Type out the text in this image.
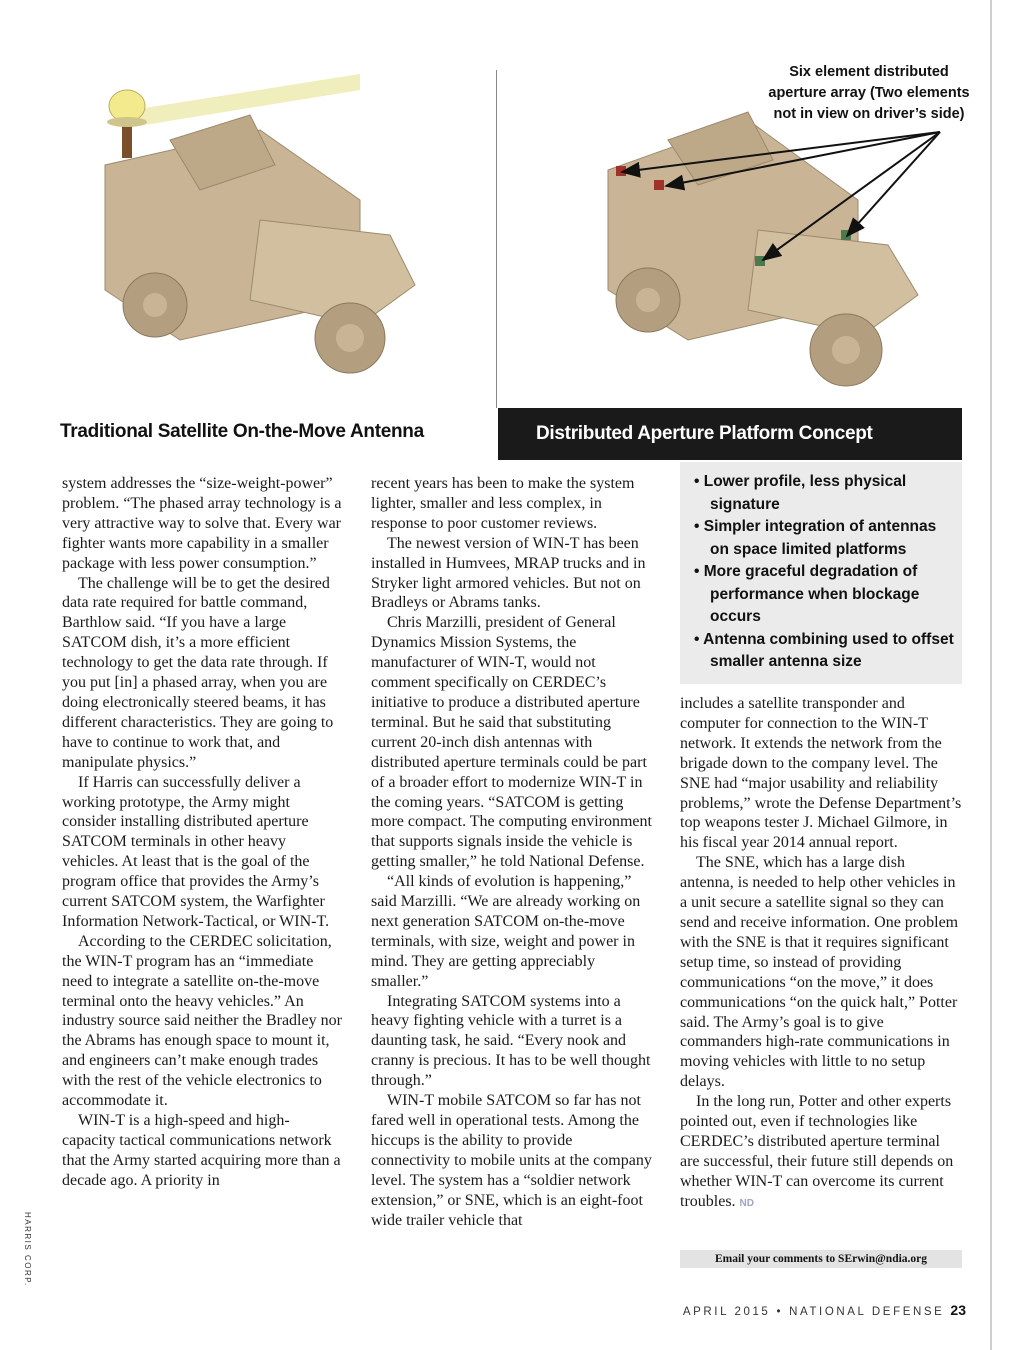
Six element distributed
aperture array (Two elements
not in view on driver’s side)
Traditional Satellite On-the-Move Antenna	Distributed Aperture Platform Concept

• Lower profile, less physical signature

• Simpler integration of antennas on space limited platforms

• More graceful degradation of performance when blockage occurs

• Antenna combining used to offset smaller antenna size

system addresses the “size-weight-power” problem. “The phased array technology is a very attractive way to solve that. Every war fighter wants more capability in a smaller package with less power consumption.”

The challenge will be to get the desired data rate required for battle command, Barthlow said. “If you have a large SATCOM dish, it’s a more efficient technology to get the data rate through. If you put [in] a phased array, when you are doing electronically steered beams, it has different characteristics. They are going to have to continue to work that, and manipulate physics.”

If Harris can successfully deliver a working prototype, the Army might consider installing distributed aperture SATCOM terminals in other heavy vehicles. At least that is the goal of the program office that provides the Army’s current SATCOM system, the Warfighter Information Network-Tactical, or WIN-T.

According to the CERDEC solicitation, the WIN-T program has an “immediate need to integrate a satellite on-the-move terminal onto the heavy vehicles.” An industry source said neither the Bradley nor the Abrams has enough space to mount it, and engineers can’t make enough trades with the rest of the vehicle electronics to accommodate it.

WIN-T is a high-speed and high-capacity tactical communications network that the Army started acquiring more than a decade ago. A priority in

recent years has been to make the system lighter, smaller and less complex, in response to poor customer reviews.

The newest version of WIN-T has been installed in Humvees, MRAP trucks and in Stryker light armored vehicles. But not on Bradleys or Abrams tanks.

Chris Marzilli, president of General Dynamics Mission Systems, the manufacturer of WIN-T, would not comment specifically on CERDEC’s initiative to produce a distributed aperture terminal. But he said that substituting current 20-inch dish antennas with distributed aperture terminals could be part of a broader effort to modernize WIN-T in the coming years. “SATCOM is getting more compact. The computing environment that supports signals inside the vehicle is getting smaller,” he told National Defense.

“All kinds of evolution is happening,” said Marzilli. “We are already working on next generation SATCOM on-the-move terminals, with size, weight and power in mind. They are getting appreciably smaller.”

Integrating SATCOM systems into a heavy fighting vehicle with a turret is a daunting task, he said. “Every nook and cranny is precious. It has to be well thought through.”

WIN-T mobile SATCOM so far has not fared well in operational tests. Among the hiccups is the ability to provide connectivity to mobile units at the company level. The system has a “soldier network extension,” or SNE, which is an eight-foot wide trailer vehicle that

includes a satellite transponder and computer for connection to the WIN-T network. It extends the network from the brigade down to the company level. The SNE had “major usability and reliability problems,” wrote the Defense Department’s top weapons tester J. Michael Gilmore, in his fiscal year 2014 annual report.

The SNE, which has a large dish antenna, is needed to help other vehicles in a unit secure a satellite signal so they can send and receive information. One problem with the SNE is that it requires significant setup time, so instead of providing communications “on the move,” it does communications “on the quick halt,” Potter said. The Army’s goal is to give commanders high-rate communications in moving vehicles with little to no setup delays.

In the long run, Potter and other experts pointed out, even if technologies like CERDEC’s distributed aperture terminal are successful, their future still depends on whether WIN-T can overcome its current troubles. ND

Email your comments to SErwin@ndia.org
HARRIS CORP.
APRIL 2015 • NATIONAL DEFENSE 23
